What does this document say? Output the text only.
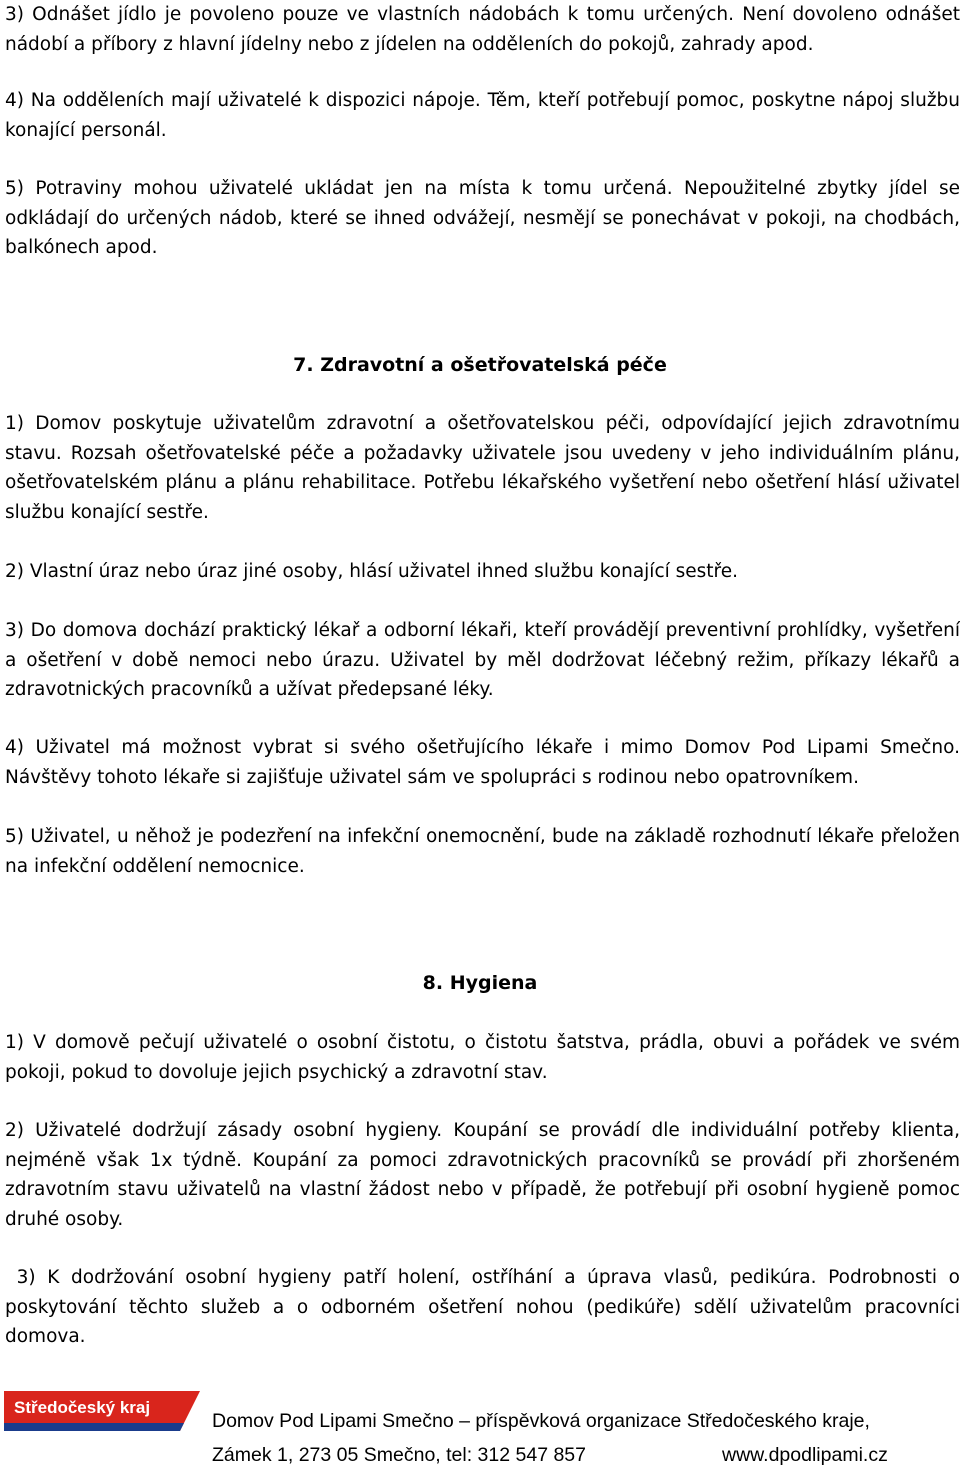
3) Odnášet jídlo je povoleno pouze ve vlastních nádobách k tomu určených. Není dovoleno odnášet nádobí a příbory z hlavní jídelny nebo z jídelen na odděleních do pokojů, zahrady apod.

4) Na odděleních mají uživatelé k dispozici nápoje. Těm, kteří potřebují pomoc, poskytne nápoj službu konající personál.

5) Potraviny mohou uživatelé ukládat jen na místa k tomu určená. Nepoužitelné zbytky jídel se odkládají do určených nádob, které se ihned odvážejí, nesmějí se ponechávat v pokoji, na chodbách, balkónech apod.

7. Zdravotní a ošetřovatelská péče

1) Domov poskytuje uživatelům zdravotní a ošetřovatelskou péči, odpovídající jejich zdravotnímu stavu. Rozsah ošetřovatelské péče a požadavky uživatele jsou uvedeny v jeho individuálním plánu, ošetřovatelském plánu a plánu rehabilitace. Potřebu lékařského vyšetření nebo ošetření hlásí uživatel službu konající sestře.

2) Vlastní úraz nebo úraz jiné osoby, hlásí uživatel ihned službu konající sestře.

3) Do domova dochází praktický lékař a odborní lékaři, kteří provádějí preventivní prohlídky, vyšetření a ošetření v době nemoci nebo úrazu. Uživatel by měl dodržovat léčebný režim, příkazy lékařů a zdravotnických pracovníků a užívat předepsané léky.

4) Uživatel má možnost vybrat si svého ošetřujícího lékaře i mimo Domov Pod Lipami Smečno. Návštěvy tohoto lékaře si zajišťuje uživatel sám ve spolupráci s rodinou nebo opatrovníkem.

5) Uživatel, u něhož je podezření na infekční onemocnění, bude na základě rozhodnutí lékaře přeložen na infekční oddělení nemocnice.

8. Hygiena

1) V domově pečují uživatelé o osobní čistotu, o čistotu šatstva, prádla, obuvi a pořádek ve svém pokoji, pokud to dovoluje jejich psychický a zdravotní stav.

2) Uživatelé dodržují zásady osobní hygieny. Koupání se provádí dle individuální potřeby klienta, nejméně však 1x týdně. Koupání za pomoci zdravotnických pracovníků se provádí při zhoršeném zdravotním stavu uživatelů na vlastní žádost nebo v případě, že potřebují při osobní hygieně pomoc druhé osoby.

3) K dodržování osobní hygieny patří holení, ostříhání a úprava vlasů, pedikúra. Podrobnosti o poskytování těchto služeb a o odborném ošetření nohou (pedikúře) sdělí uživatelům pracovníci domova.

Středočeský kraj
Domov Pod Lipami Smečno – příspěvková organizace Středočeského kraje,
Zámek 1, 273 05 Smečno, tel: 312 547 857	www.dpodlipami.cz
